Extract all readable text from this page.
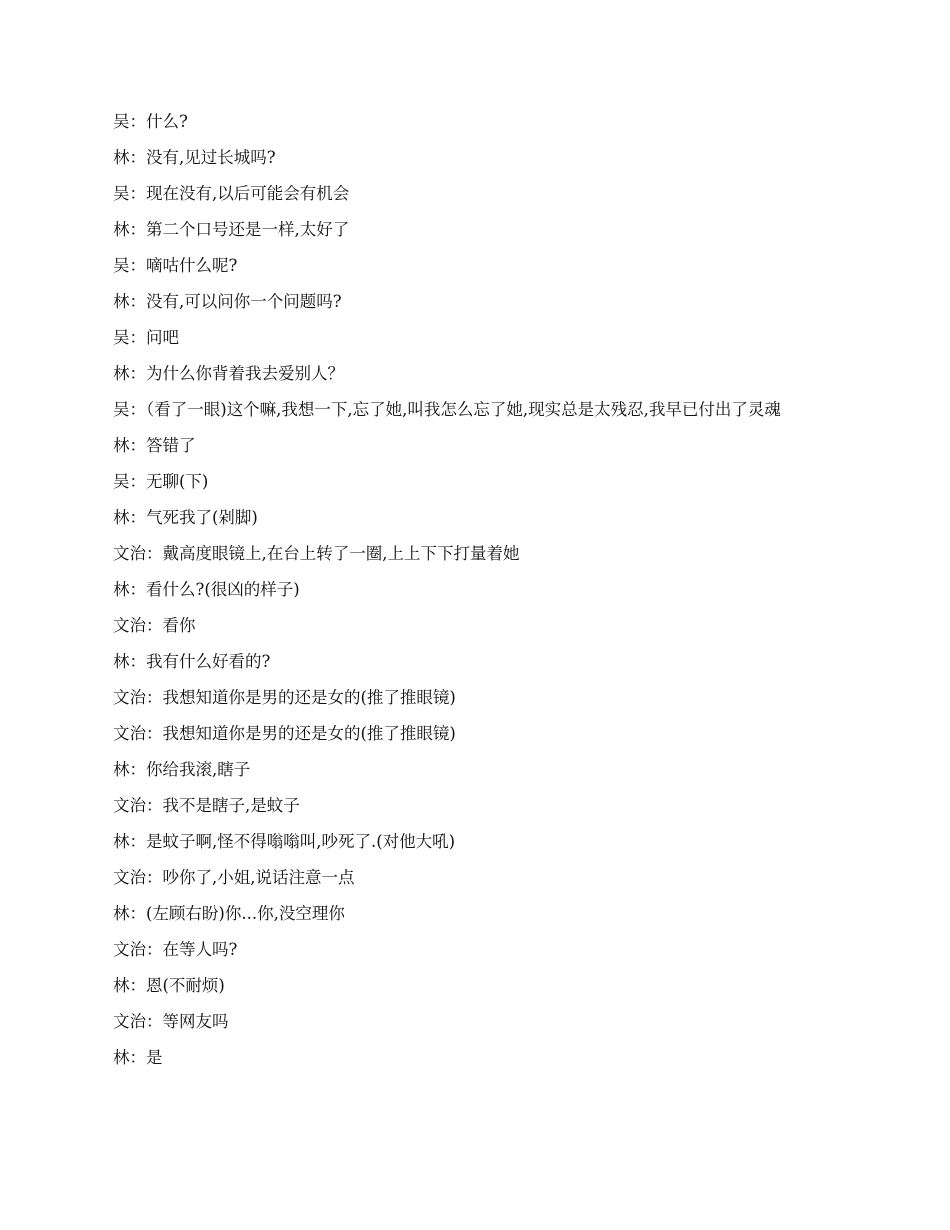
吴：什么?

林：没有,见过长城吗?

吴：现在没有,以后可能会有机会

林：第二个口号还是一样,太好了

吴：嘀咕什么呢?

林：没有,可以问你一个问题吗?

吴：问吧

林：为什么你背着我去爱别人？

吴：（看了一眼)这个嘛,我想一下,忘了她,叫我怎么忘了她,现实总是太残忍,我早已付出了灵魂

林：答错了

吴：无聊(下)

林：气死我了(剁脚)

文治：戴高度眼镜上,在台上转了一圈,上上下下打量着她

林：看什么?(很凶的样子)

文治：看你

林：我有什么好看的?

文治：我想知道你是男的还是女的(推了推眼镜)

文治：我想知道你是男的还是女的(推了推眼镜)

林：你给我滚,瞎子

文治：我不是瞎子,是蚊子

林：是蚊子啊,怪不得嗡嗡叫,吵死了.(对他大吼)

文治：吵你了,小姐,说话注意一点

林：(左顾右盼)你...你,没空理你

文治：在等人吗?

林：恩(不耐烦)

文治：等网友吗

林：是
